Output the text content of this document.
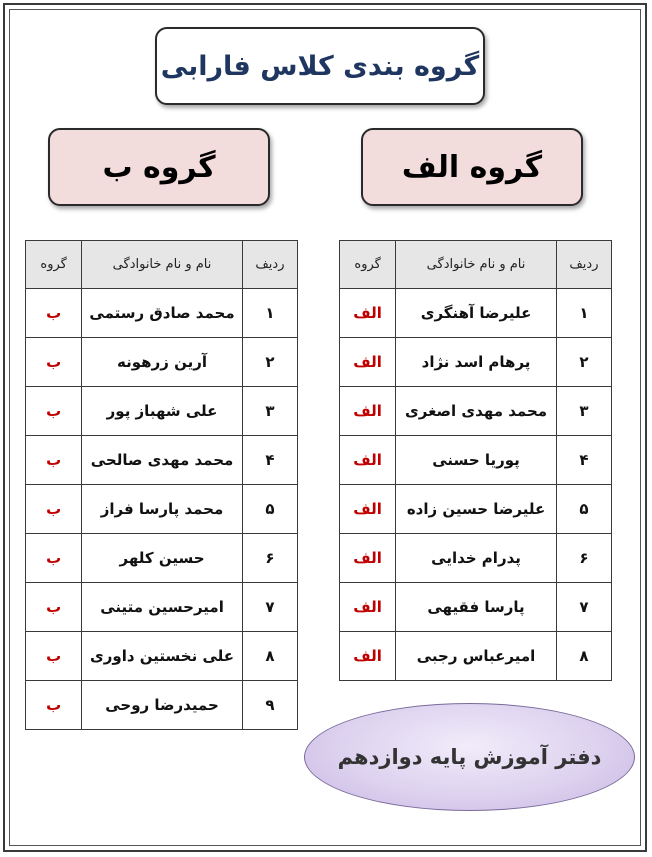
گروه بندی کلاس فارابی
گروه الف
گروه ب
ردیف	نام و نام خانوادگی	گروه
۱	علیرضا آهنگری	الف
۲	پرهام اسد نژاد	الف
۳	محمد مهدی اصغری	الف
۴	پوریا حسنی	الف
۵	علیرضا حسین زاده	الف
۶	پدرام خدایی	الف
۷	پارسا فقیهی	الف
۸	امیرعباس رجبی	الف
ردیف	نام و نام خانوادگی	گروه
۱	محمد صادق رستمی	ب
۲	آرین زرهونه	ب
۳	علی شهباز پور	ب
۴	محمد مهدی صالحی	ب
۵	محمد پارسا فراز	ب
۶	حسین کلهر	ب
۷	امیرحسین متینی	ب
۸	علی نخستین داوری	ب
۹	حمیدرضا روحی	ب
دفتر آموزش پایه دوازدهم
